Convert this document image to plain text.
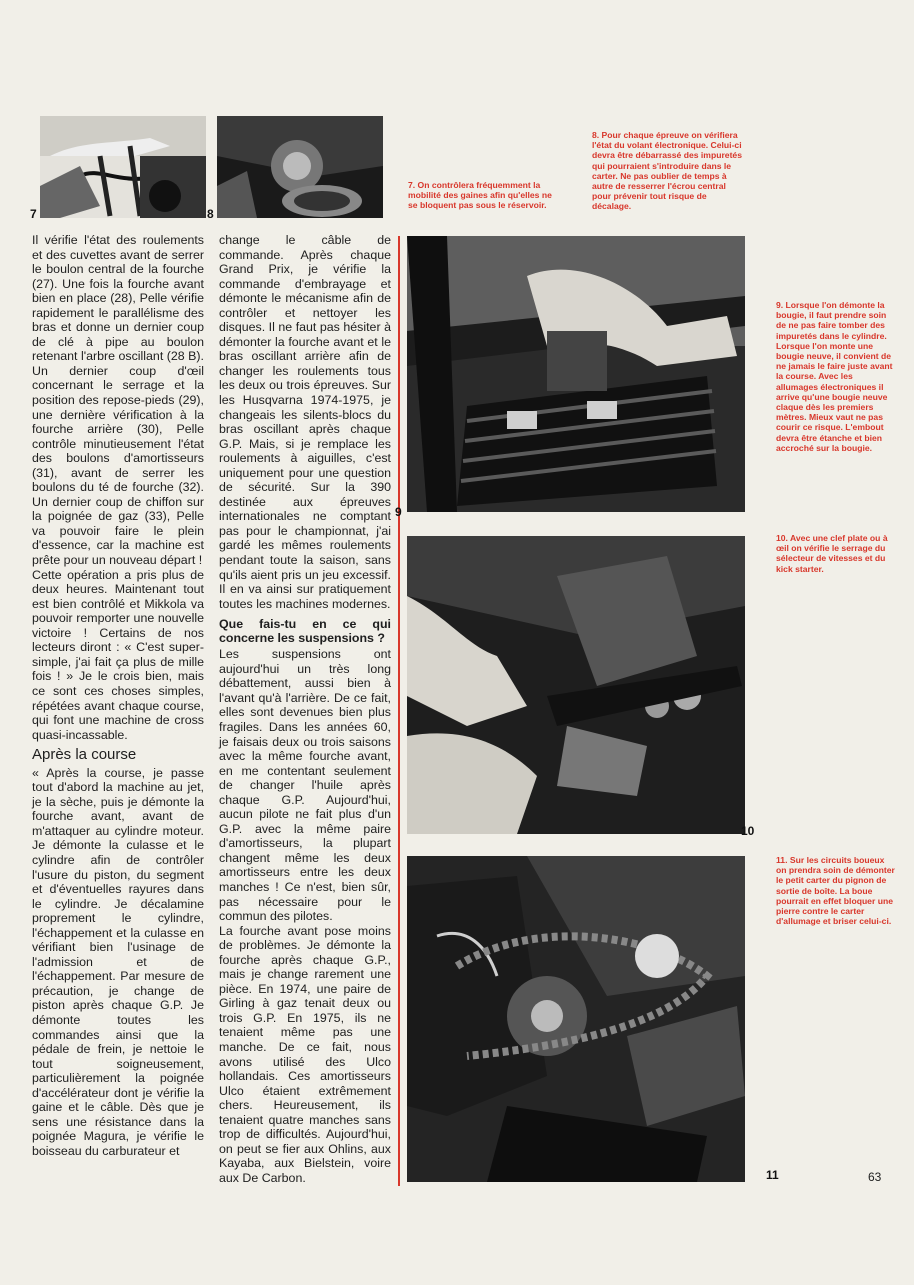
7	8
7. On contrôlera fréquemment la mobilité des gaines afin qu'elles ne se bloquent pas sous le réservoir.
8. Pour chaque épreuve on vérifiera l'état du volant électronique. Celui-ci devra être débarrassé des impuretés qui pourraient s'introduire dans le carter. Ne pas oublier de temps à autre de resserrer l'écrou central pour prévenir tout risque de décalage.

Il vérifie l'état des roulements et des cuvettes avant de serrer le boulon central de la fourche (27). Une fois la fourche avant bien en place (28), Pelle vérifie rapidement le parallélisme des bras et donne un dernier coup de clé à pipe au boulon retenant l'arbre oscillant (28 B). Un dernier coup d'œil concernant le serrage et la position des repose-pieds (29), une dernière vérification à la fourche arrière (30), Pelle contrôle minutieusement l'état des boulons d'amortisseurs (31), avant de serrer les boulons du té de fourche (32). Un dernier coup de chiffon sur la poignée de gaz (33), Pelle va pouvoir faire le plein d'essence, car la machine est prête pour un nouveau départ !

Cette opération a pris plus de deux heures. Maintenant tout est bien contrôlé et Mikkola va pouvoir remporter une nouvelle victoire ! Certains de nos lecteurs diront : « C'est super-simple, j'ai fait ça plus de mille fois ! » Je le crois bien, mais ce sont ces choses simples, répétées avant chaque course, qui font une machine de cross quasi-incassable.

Après la course

« Après la course, je passe tout d'abord la machine au jet, je la sèche, puis je démonte la fourche avant, avant de m'attaquer au cylindre moteur. Je démonte la culasse et le cylindre afin de contrôler l'usure du piston, du segment et d'éventuelles rayures dans le cylindre. Je décalamine proprement le cylindre, l'échappement et la culasse en vérifiant bien l'usinage de l'admission et de l'échappement. Par mesure de précaution, je change de piston après chaque G.P. Je démonte toutes les commandes ainsi que la pédale de frein, je nettoie le tout soigneusement, particulièrement la poignée d'accélérateur dont je vérifie la gaine et le câble. Dès que je sens une résistance dans la poignée Magura, je vérifie le boisseau du carburateur et

change le câble de commande. Après chaque Grand Prix, je vérifie la commande d'embrayage et démonte le mécanisme afin de contrôler et nettoyer les disques. Il ne faut pas hésiter à démonter la fourche avant et le bras oscillant arrière afin de changer les roulements tous les deux ou trois épreuves. Sur les Husqvarna 1974-1975, je changeais les silents-blocs du bras oscillant après chaque G.P. Mais, si je remplace les roulements à aiguilles, c'est uniquement pour une question de sécurité. Sur la 390 destinée aux épreuves internationales ne comptant pas pour le championnat, j'ai gardé les mêmes roulements pendant toute la saison, sans qu'ils aient pris un jeu excessif. Il en va ainsi sur pratiquement toutes les machines modernes.

Que fais-tu en ce qui concerne les suspensions ?

Les suspensions ont aujourd'hui un très long débattement, aussi bien à l'avant qu'à l'arrière. De ce fait, elles sont devenues bien plus fragiles. Dans les années 60, je faisais deux ou trois saisons avec la même fourche avant, en me contentant seulement de changer l'huile après chaque G.P. Aujourd'hui, aucun pilote ne fait plus d'un G.P. avec la même paire d'amortisseurs, la plupart changent même les deux amortisseurs entre les deux manches ! Ce n'est, bien sûr, pas nécessaire pour le commun des pilotes.

La fourche avant pose moins de problèmes. Je démonte la fourche après chaque G.P., mais je change rarement une pièce. En 1974, une paire de Girling à gaz tenait deux ou trois G.P. En 1975, ils ne tenaient même pas une manche. De ce fait, nous avons utilisé des Ulco hollandais. Ces amortisseurs Ulco étaient extrêmement chers. Heureusement, ils tenaient quatre manches sans trop de difficultés. Aujourd'hui, on peut se fier aux Ohlins, aux Kayaba, aux Bielstein, voire aux De Carbon.

9
10
11
9. Lorsque l'on démonte la bougie, il faut prendre soin de ne pas faire tomber des impuretés dans le cylindre. Lorsque l'on monte une bougie neuve, il convient de ne jamais le faire juste avant la course. Avec les allumages électroniques il arrive qu'une bougie neuve claque dès les premiers mètres. Mieux vaut ne pas courir ce risque. L'embout devra être étanche et bien accroché sur la bougie.
10. Avec une clef plate ou à œil on vérifie le serrage du sélecteur de vitesses et du kick starter.
11. Sur les circuits boueux on prendra soin de démonter le petit carter du pignon de sortie de boîte. La boue pourrait en effet bloquer une pierre contre le carter d'allumage et briser celui-ci.
63
